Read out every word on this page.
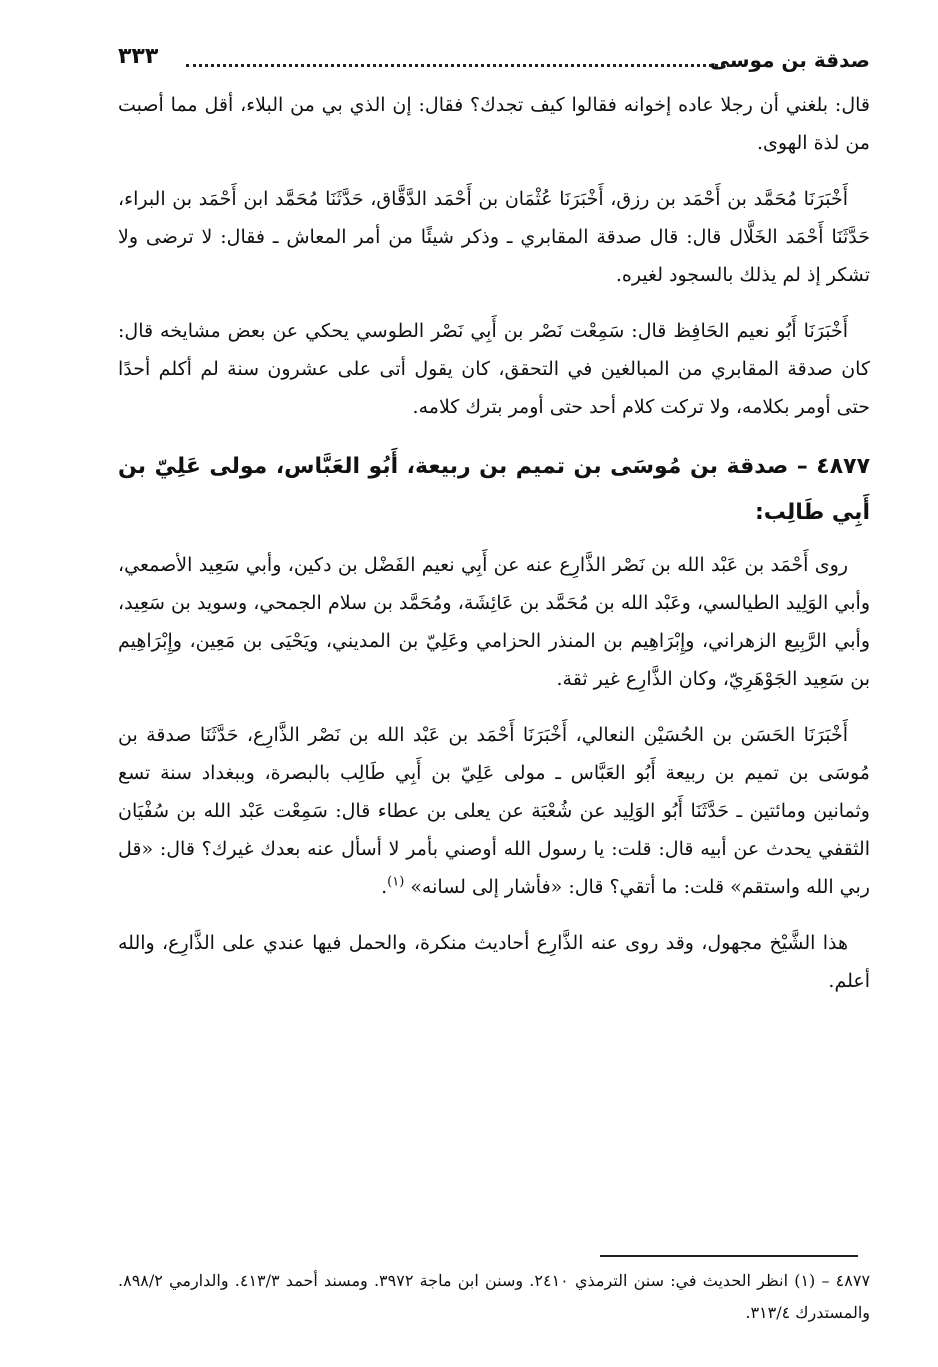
صدقة بن موسى
٣٣٣

قال: بلغني أن رجلا عاده إخوانه فقالوا كيف تجدك؟ فقال: إن الذي بي من البلاء، أقل مما أصبت من لذة الهوى.

أَخْبَرَنَا مُحَمَّد بن أَحْمَد بن رزق، أَخْبَرَنَا عُثْمَان بن أَحْمَد الدَّقَّاق، حَدَّثَنَا مُحَمَّد ابن أَحْمَد بن البراء، حَدَّثَنَا أَحْمَد الخَلَّال قال: قال صدقة المقابري ـ وذكر شيئًا من أمر المعاش ـ فقال: لا ترضى ولا تشكر إذ لم يذلك بالسجود لغيره.

أَخْبَرَنَا أَبُو نعيم الحَافِظ قال: سَمِعْت نَصْر بن أَبِي نَصْر الطوسي يحكي عن بعض مشايخه قال: كان صدقة المقابري من المبالغين في التحقق، كان يقول أتى على عشرون سنة لم أكلم أحدًا حتى أومر بكلامه، ولا تركت كلام أحد حتى أومر بترك كلامه.

٤٨٧٧ – صدقة بن مُوسَى بن تميم بن ربيعة، أَبُو العَبَّاس، مولى عَلِيّ بن أَبِي طَالِب:

روى أَحْمَد بن عَبْد الله بن نَصْر الذَّارِع عنه عن أَبِي نعيم الفَضْل بن دكين، وأبي سَعِيد الأصمعي، وأبي الوَلِيد الطيالسي، وعَبْد الله بن مُحَمَّد بن عَائِشَة، ومُحَمَّد بن سلام الجمحي، وسويد بن سَعِيد، وأبي الرَّبِيع الزهراني، وإِبْرَاهِيم بن المنذر الحزامي وعَلِيّ بن المديني، ويَحْيَى بن مَعِين، وإِبْرَاهِيم بن سَعِيد الجَوْهَرِيّ، وكان الذَّارِع غير ثقة.

أَخْبَرَنَا الحَسَن بن الحُسَيْن النعالي، أَخْبَرَنَا أَحْمَد بن عَبْد الله بن نَصْر الذَّارِع، حَدَّثَنَا صدقة بن مُوسَى بن تميم بن ربيعة أَبُو العَبَّاس ـ مولى عَلِيّ بن أَبِي طَالِب بالبصرة، وببغداد سنة تسع وثمانين ومائتين ـ حَدَّثَنَا أَبُو الوَلِيد عن شُعْبَة عن يعلى بن عطاء قال: سَمِعْت عَبْد الله بن سُفْيَان الثقفي يحدث عن أبيه قال: قلت: يا رسول الله أوصني بأمر لا أسأل عنه بعدك غيرك؟ قال: «قل ربي الله واستقم» قلت: ما أتقي؟ قال: «فأشار إلى لسانه» $^{(١)}$.

هذا الشَّيْخ مجهول، وقد روى عنه الذَّارِع أحاديث منكرة، والحمل فيها عندي على الذَّارِع، والله أعلم.

٤٨٧٧ – (١) انظر الحديث في: سنن الترمذي ٢٤١٠. وسنن ابن ماجة ٣٩٧٢. ومسند أحمد ٤١٣/٣. والدارمي ٨٩٨/٢. والمستدرك ٣١٣/٤.
